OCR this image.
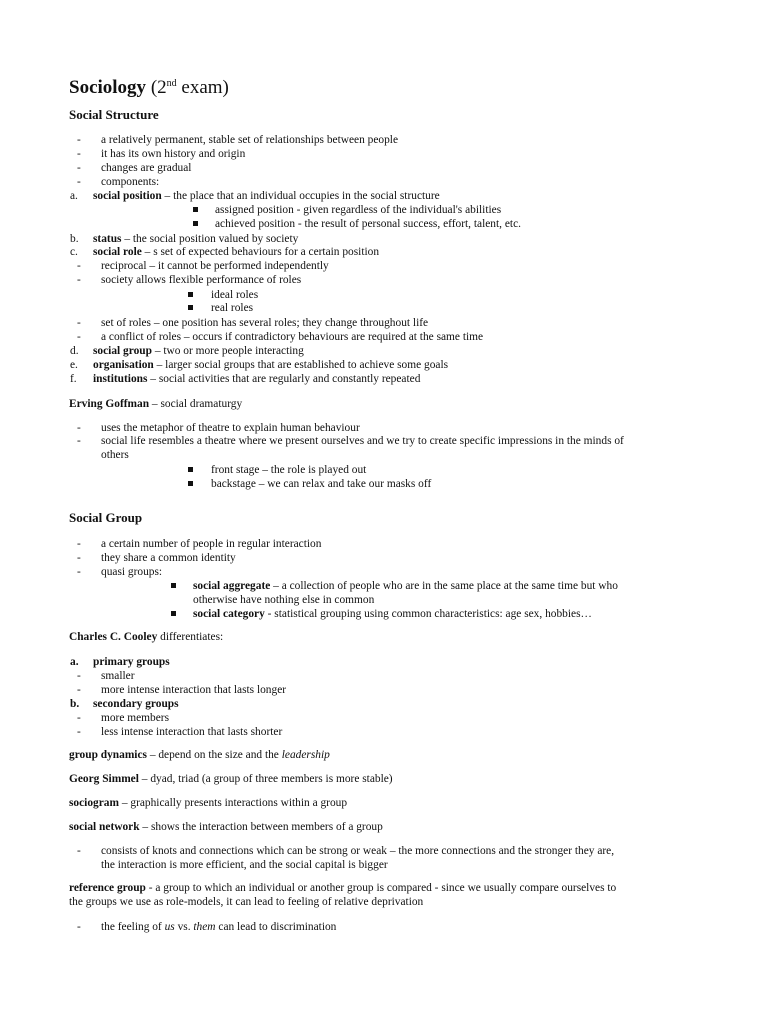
Sociology (2nd exam)
Social Structure
- a relatively permanent, stable set of relationships between people
- it has its own history and origin
- changes are gradual
- components:
a. social position – the place that an individual occupies in the social structure
assigned position - given regardless of the individual's abilities
achieved position - the result of personal success, effort, talent, etc.
b. status – the social position valued by society
c. social role – s set of expected behaviours for a certain position
- reciprocal – it cannot be performed independently
- society allows flexible performance of roles
ideal roles
real roles
- set of roles – one position has several roles; they change throughout life
- a conflict of roles – occurs if contradictory behaviours are required at the same time
d. social group – two or more people interacting
e. organisation – larger social groups that are established to achieve some goals
f. institutions – social activities that are regularly and constantly repeated
Erving Goffman – social dramaturgy
- uses the metaphor of theatre to explain human behaviour
- social life resembles a theatre where we present ourselves and we try to create specific impressions in the minds of
others
front stage – the role is played out
backstage – we can relax and take our masks off
Social Group
- a certain number of people in regular interaction
- they share a common identity
- quasi groups:
social aggregate – a collection of people who are in the same place at the same time but who
otherwise have nothing else in common
social category - statistical grouping using common characteristics: age sex, hobbies…
Charles C. Cooley differentiates:
a. primary groups
- smaller
- more intense interaction that lasts longer
b. secondary groups
- more members
- less intense interaction that lasts shorter
group dynamics – depend on the size and the leadership
Georg Simmel – dyad, triad (a group of three members is more stable)
sociogram – graphically presents interactions within a group
social network – shows the interaction between members of a group
- consists of knots and connections which can be strong or weak – the more connections and the stronger they are,
the interaction is more efficient, and the social capital is bigger
reference group - a group to which an individual or another group is compared - since we usually compare ourselves to
the groups we use as role-models, it can lead to feeling of relative deprivation
- the feeling of us vs. them can lead to discrimination
